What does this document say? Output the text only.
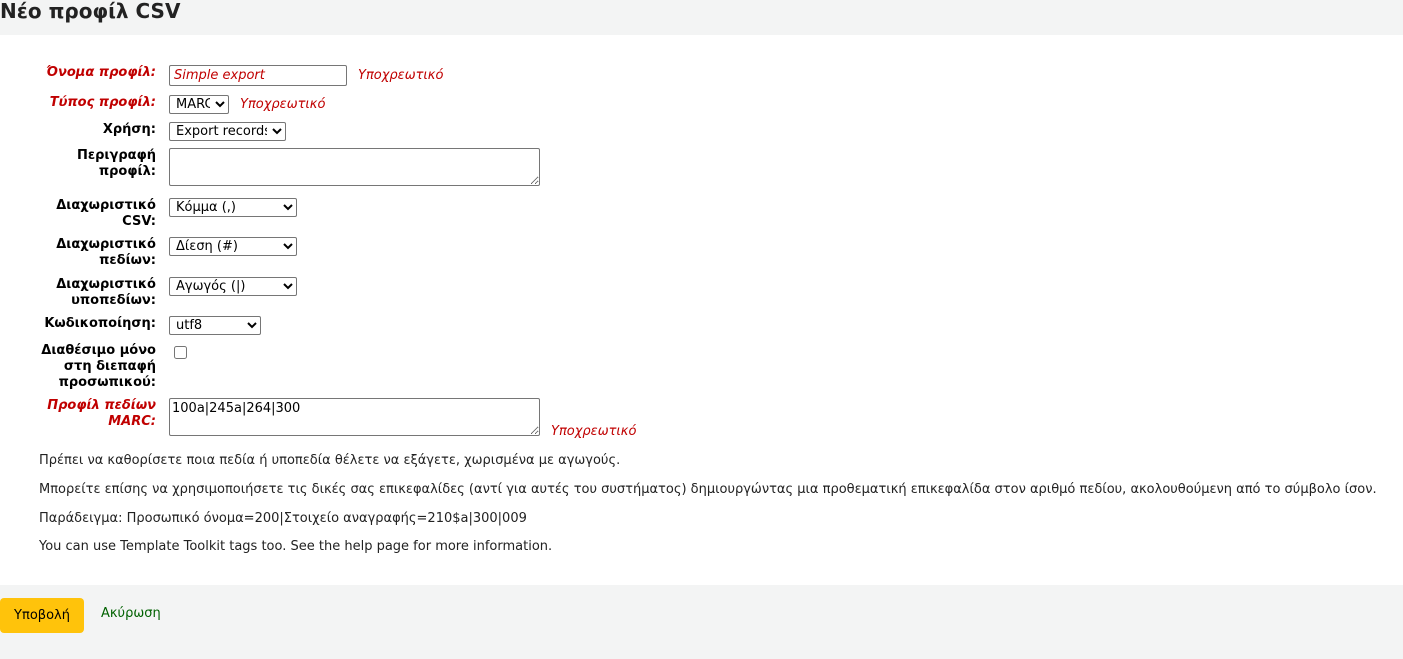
Νέο προφίλ CSV
Όνομα προφίλ:
Simple export	Υποχρεωτικό
Τύπος προφίλ:
MARC	Υποχρεωτικό
Χρήση:
Export records
Περιγραφή
προφίλ:
Διαχωριστικό
CSV:
Κόμμα (,)
Διαχωριστικό
πεδίων:
Δίεση (#)
Διαχωριστικό
υποπεδίων:
Αγωγός (|)
Κωδικοποίηση:
utf8
Διαθέσιμο μόνο
στη διεπαφή
προσωπικού:
Προφίλ πεδίων
MARC:
100a|245a|264|300
Υποχρεωτικό

Πρέπει να καθορίσετε ποια πεδία ή υποπεδία θέλετε να εξάγετε, χωρισμένα με αγωγούς.

Μπορείτε επίσης να χρησιμοποιήσετε τις δικές σας επικεφαλίδες (αντί για αυτές του συστήματος) δημιουργώντας μια προθεματική επικεφαλίδα στον αριθμό πεδίου, ακολουθούμενη από το σύμβολο ίσον.

Παράδειγμα: Προσωπικό όνομα=200|Στοιχείο αναγραφής=210$a|300|009

You can use Template Toolkit tags too. See the help page for more information.

Υποβολή	Ακύρωση
